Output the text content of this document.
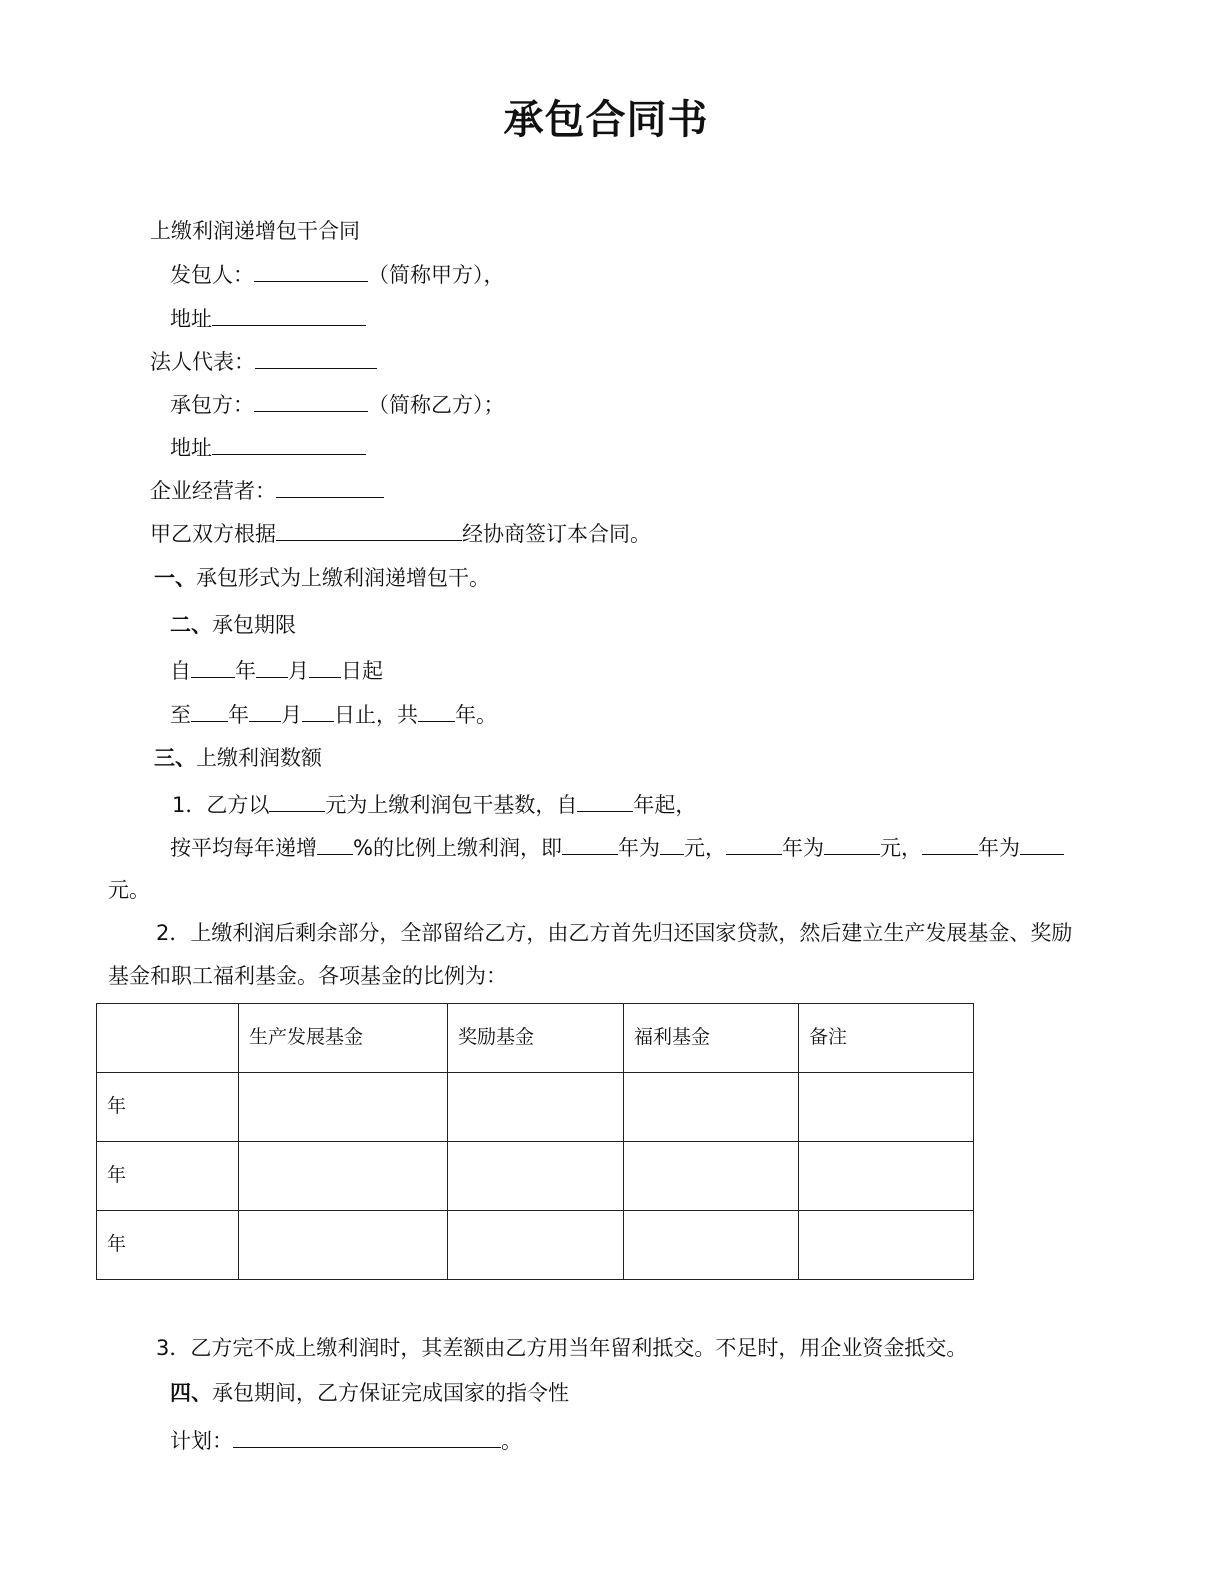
承包合同书
上缴利润递增包干合同
发包人：	（简称甲方），
地址
法人代表：
承包方：	（简称乙方）；
地址
企业经营者：
甲乙双方根据	经协商签订本合同。
一、承包形式为上缴利润递增包干。
二、承包期限
自 年 月 日起
至 年 月 日止，共 年。
三、上缴利润数额
1．乙方以	元为上缴利润包干基数，自	年起，
按平均每年递增 %的比例上缴利润，即	年为 元，	年为	元，	年为
元。
2．上缴利润后剩余部分，全部留给乙方，由乙方首先归还国家贷款，然后建立生产发展基金、奖励
基金和职工福利基金。各项基金的比例为：
	生产发展基金	奖励基金	福利基金	备注
年				
年				
年				
3．乙方完不成上缴利润时，其差额由乙方用当年留利抵交。不足时，用企业资金抵交。
四、承包期间，乙方保证完成国家的指令性
计划：	。
